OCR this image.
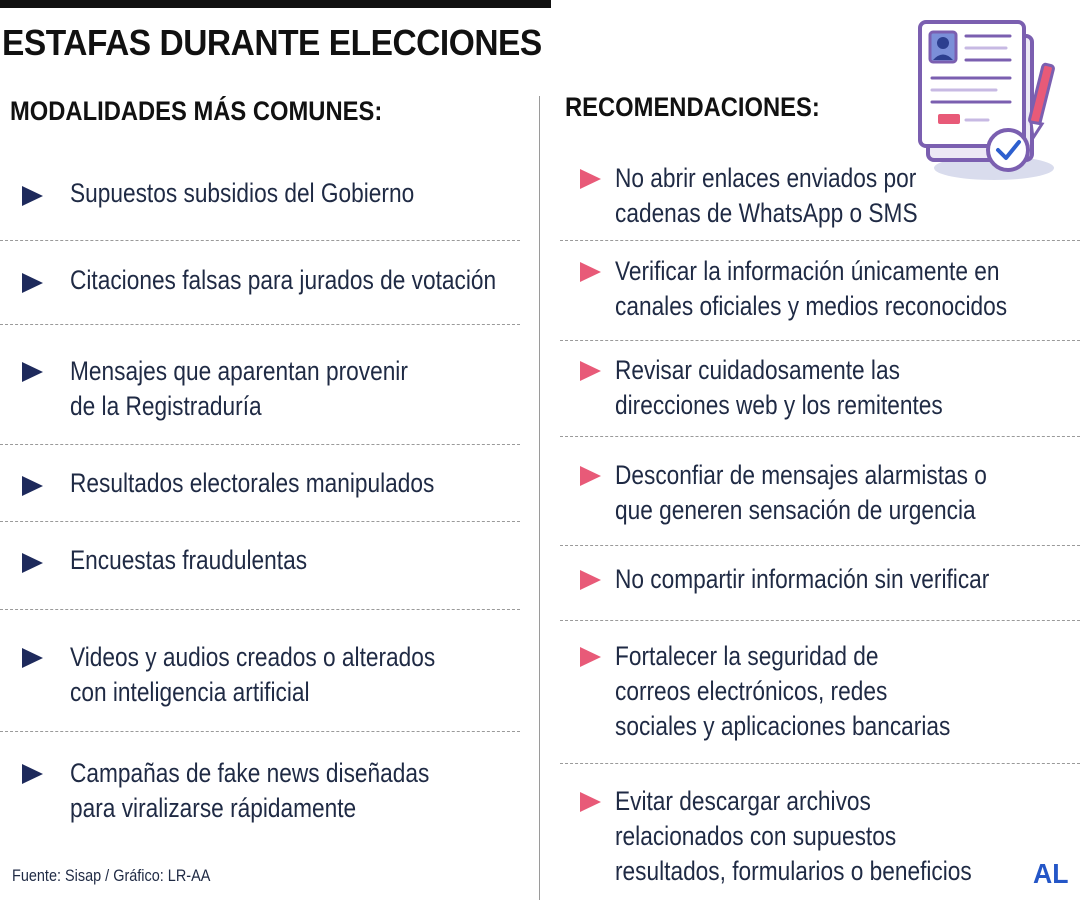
ESTAFAS DURANTE ELECCIONES
MODALIDADES MÁS COMUNES:	RECOMENDACIONES:
Supuestos subsidios del Gobierno
Citaciones falsas para jurados de votación
Mensajes que aparentan provenir
de la Registraduría
Resultados electorales manipulados
Encuestas fraudulentas
Videos y audios creados o alterados
con inteligencia artificial
Campañas de fake news diseñadas
para viralizarse rápidamente
No abrir enlaces enviados por
cadenas de WhatsApp o SMS
Verificar la información únicamente en
canales oficiales y medios reconocidos
Revisar cuidadosamente las
direcciones web y los remitentes
Desconfiar de mensajes alarmistas o
que generen sensación de urgencia
No compartir información sin verificar
Fortalecer la seguridad de
correos electrónicos, redes
sociales y aplicaciones bancarias
Evitar descargar archivos
relacionados con supuestos
resultados, formularios o beneficios
Fuente: Sisap / Gráfico: LR-AA	AL
